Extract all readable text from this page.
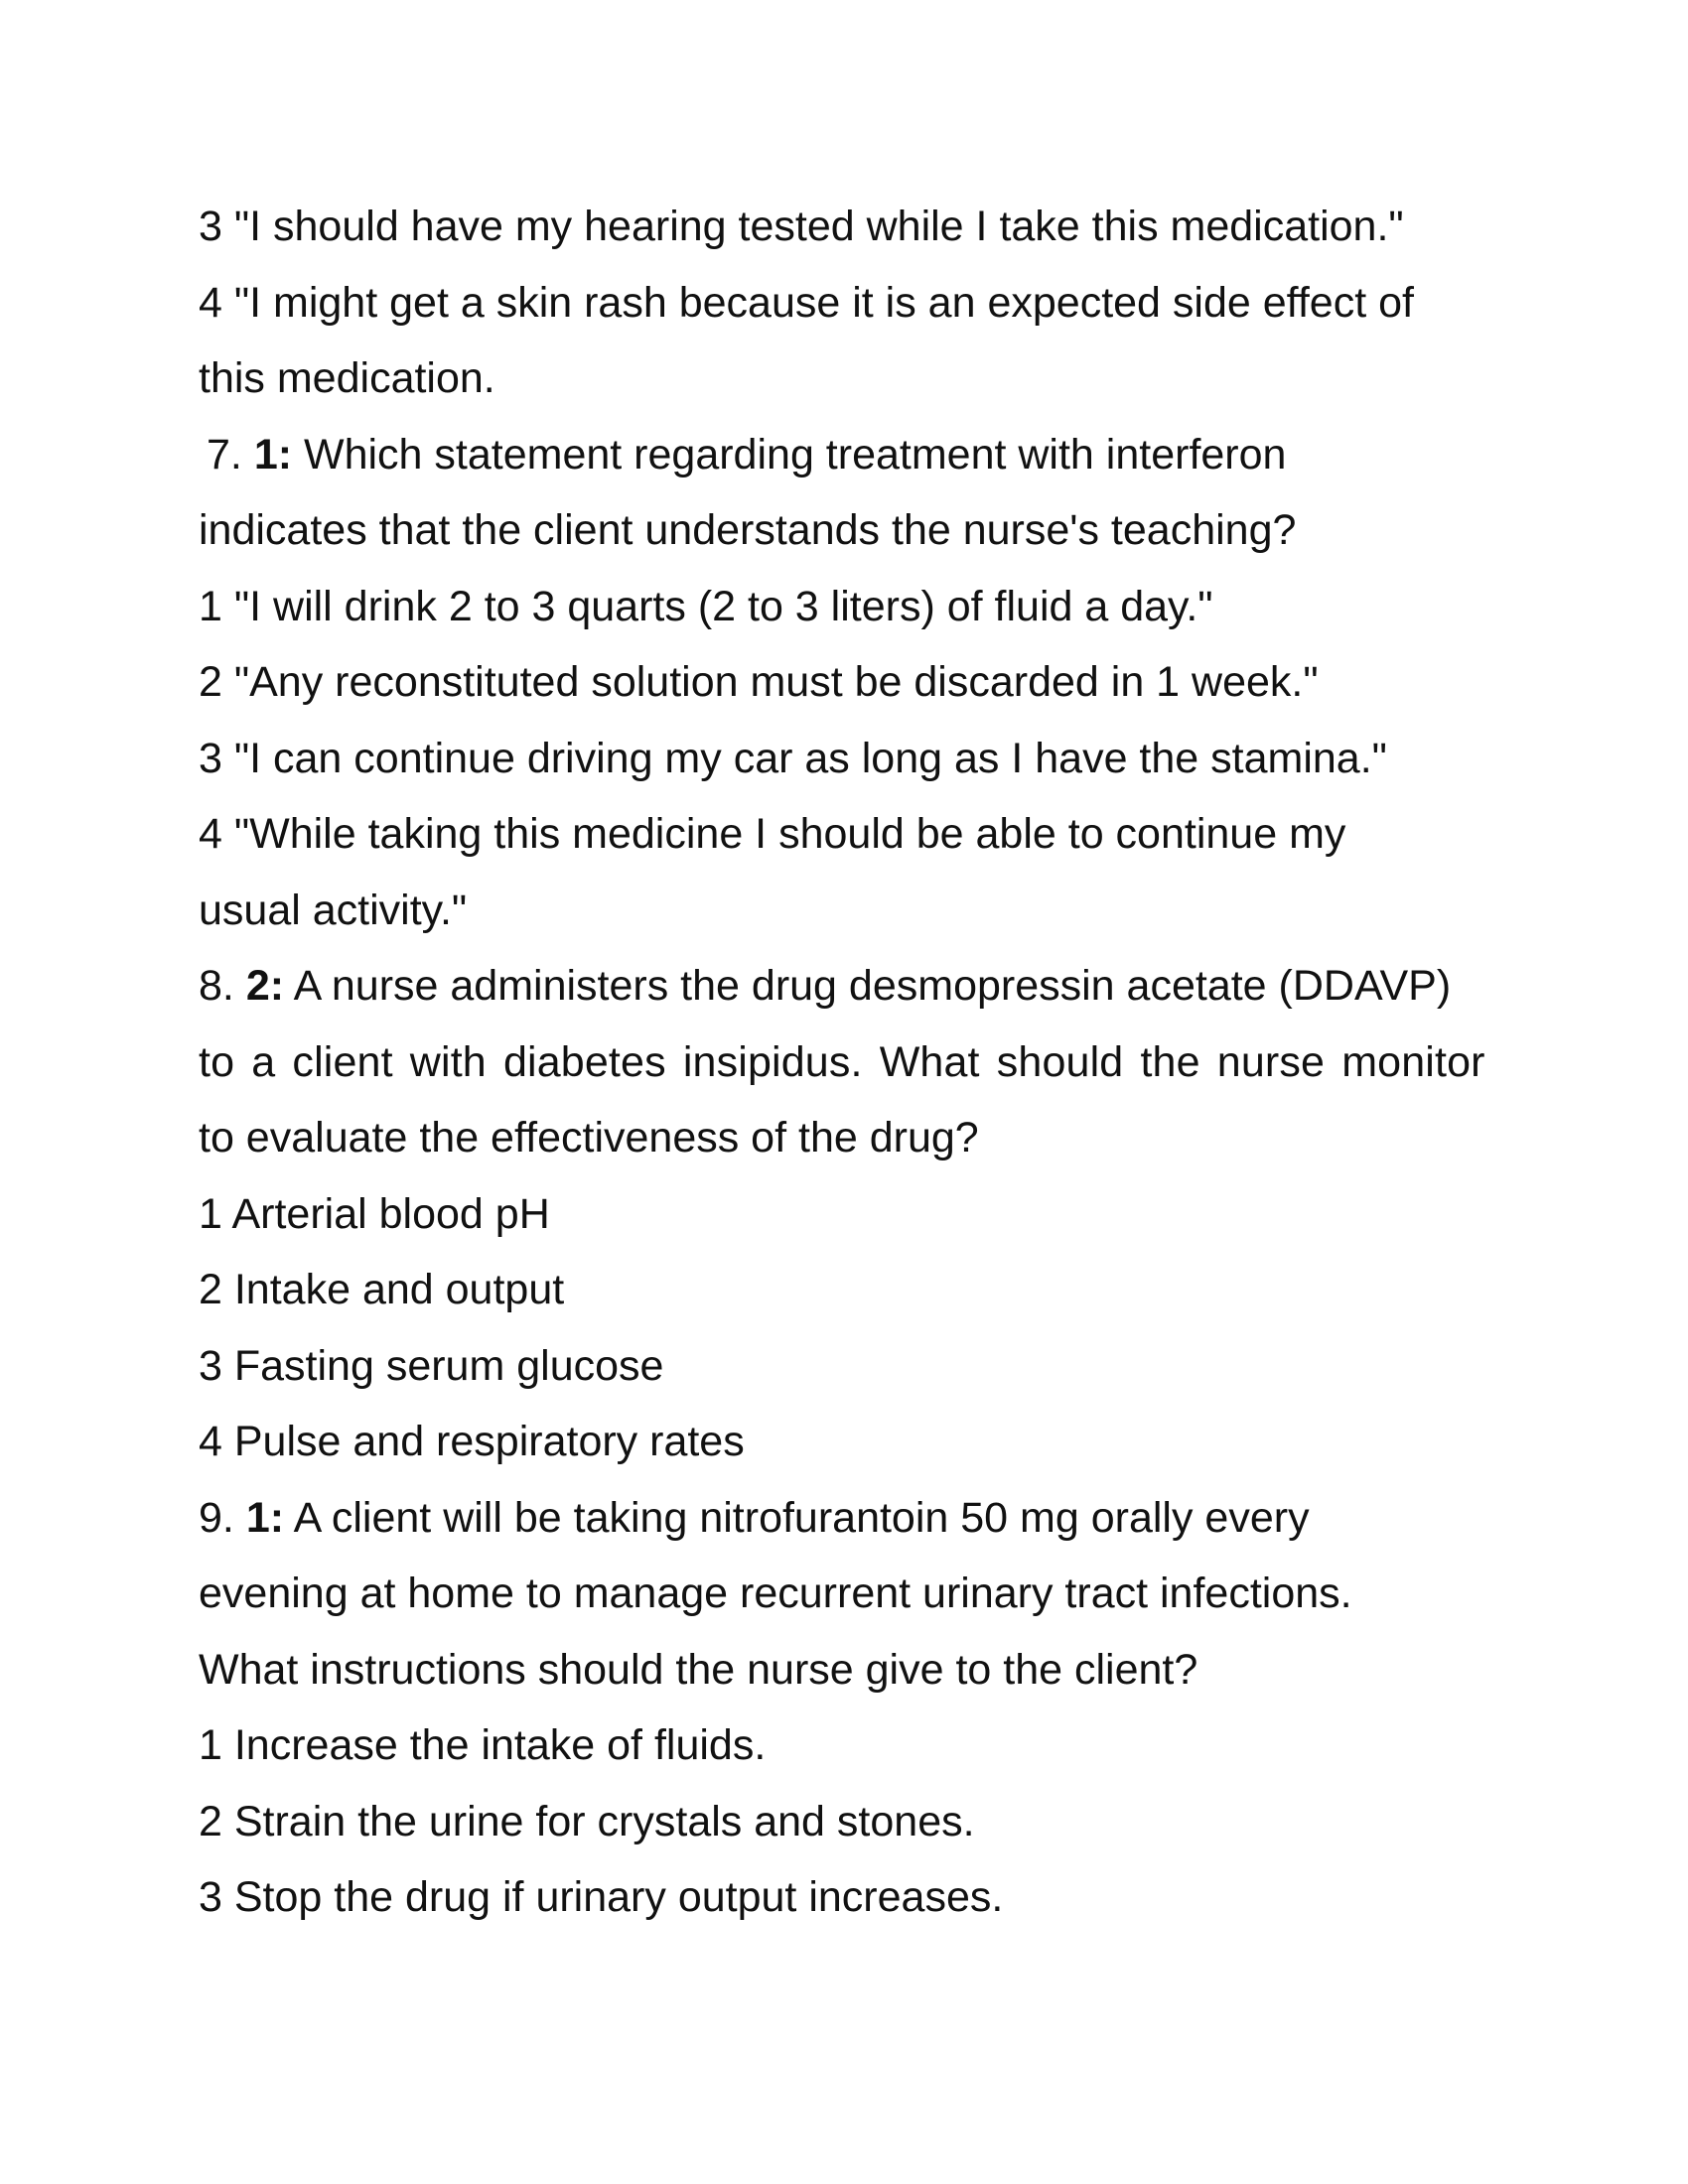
3 "I should have my hearing tested while I take this medication."

4 "I might get a skin rash because it is an expected side effect of

this medication.

7. 1: Which statement regarding treatment with interferon

indicates that the client understands the nurse's teaching?

1 "I will drink 2 to 3 quarts (2 to 3 liters) of fluid a day."

2 "Any reconstituted solution must be discarded in 1 week."

3 "I can continue driving my car as long as I have the stamina."

4 "While taking this medicine I should be able to continue my

usual activity."

8. 2: A nurse administers the drug desmopressin acetate (DDAVP)

to a client with diabetes insipidus. What should the nurse monitor

to evaluate the effectiveness of the drug?

1 Arterial blood pH

2 Intake and output

3 Fasting serum glucose

4 Pulse and respiratory rates

9. 1: A client will be taking nitrofurantoin 50 mg orally every

evening at home to manage recurrent urinary tract infections.

What instructions should the nurse give to the client?

1 Increase the intake of fluids.

2 Strain the urine for crystals and stones.

3 Stop the drug if urinary output increases.
